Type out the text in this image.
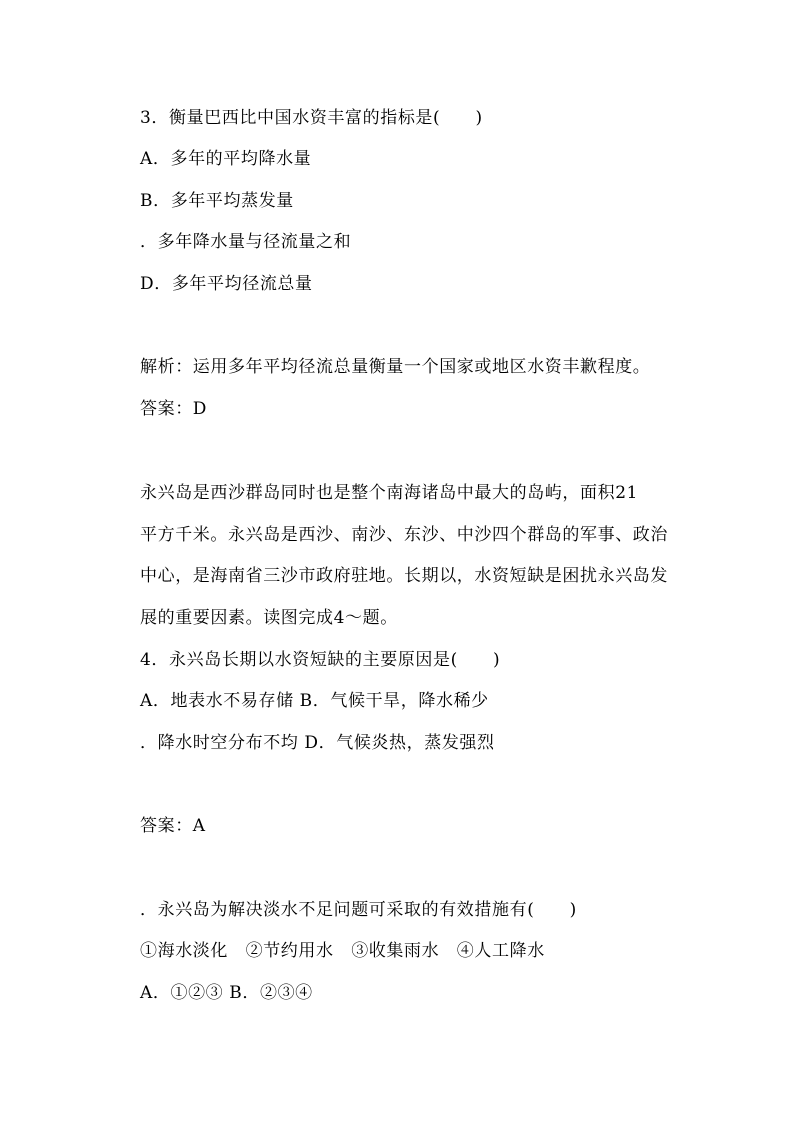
3．衡量巴西比中国水资丰富的指标是(　　)
A．多年的平均降水量
B．多年平均蒸发量
．多年降水量与径流量之和
D．多年平均径流总量
解析：运用多年平均径流总量衡量一个国家或地区水资丰歉程度。
答案：D
永兴岛是西沙群岛同时也是整个南海诸岛中最大的岛屿，面积21
平方千米。永兴岛是西沙、南沙、东沙、中沙四个群岛的军事、政治
中心，是海南省三沙市政府驻地。长期以，水资短缺是困扰永兴岛发
展的重要因素。读图完成4～题。
4．永兴岛长期以水资短缺的主要原因是(　　)
A．地表水不易存储 B．气候干旱，降水稀少
．降水时空分布不均 D．气候炎热，蒸发强烈
答案：A
．永兴岛为解决淡水不足问题可采取的有效措施有(　　)
①海水淡化　②节约用水　③收集雨水　④人工降水
A．①②③ B．②③④
